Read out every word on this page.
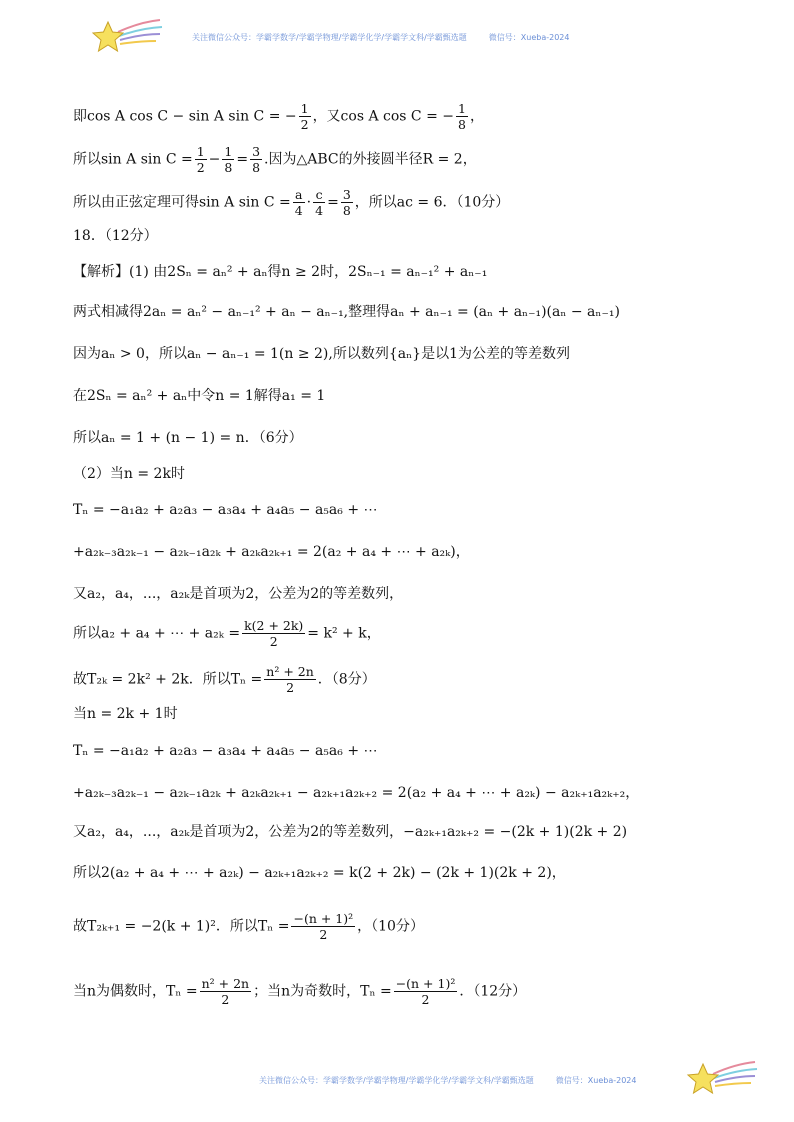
关注微信公众号：学霸学数学/学霸学物理/学霸学化学/学霸学文科/学霸甄选题	微信号：Xueba-2024
即cos A cos C − sin A sin C = − $\frac{1}{2}$ ，又cos A cos C = − $\frac{1}{8}$ ，
所以sin A $\sin C = \frac{1}{2} - \frac{1}{8} = \frac{3}{8}$ .因为△ABC的外接圆半径R = 2，
所以由正弦定理可得sin A $\sin C = \frac{a}{4} \cdot \frac{c}{4} = \frac{3}{8}$ ，所以ac = 6．（10分）
18．（12分）
【解析】(1) 由2Sₙ = aₙ² + aₙ得n ≥ 2时，2Sₙ₋₁ = aₙ₋₁² + aₙ₋₁
两式相减得2aₙ = aₙ² − aₙ₋₁² + aₙ − aₙ₋₁,整理得aₙ + aₙ₋₁ = (aₙ + aₙ₋₁)(aₙ − aₙ₋₁)
因为aₙ > 0，所以aₙ − aₙ₋₁ = 1(n ≥ 2),所以数列{aₙ}是以1为公差的等差数列
在2Sₙ = aₙ² + aₙ中令n = 1解得a₁ = 1
所以aₙ = 1 + (n − 1) = n．（6分）
（2）当n = 2k时
Tₙ = −a₁a₂ + a₂a₃ − a₃a₄ + a₄a₅ − a₅a₆ + ⋯
+a₂ₖ₋₃a₂ₖ₋₁ − a₂ₖ₋₁a₂ₖ + a₂ₖa₂ₖ₊₁ = 2(a₂ + a₄ + ⋯ + a₂ₖ)，
又a₂，a₄，...，a₂ₖ是首项为2，公差为2的等差数列，
所以a₂ + a₄ + ⋯ + $a_{2k} = \frac{k(2 + 2k)}{2} = k^2 + k$，
故T₂ₖ = 2k² + 2k．所以$T_n = \frac{\text{n² + 2n}}{2}$ ．（8分）
当n = 2k + 1时
Tₙ = −a₁a₂ + a₂a₃ − a₃a₄ + a₄a₅ − a₅a₆ + ⋯
+a₂ₖ₋₃a₂ₖ₋₁ − a₂ₖ₋₁a₂ₖ + a₂ₖa₂ₖ₊₁ − a₂ₖ₊₁a₂ₖ₊₂ = 2(a₂ + a₄ + ⋯ + a₂ₖ) − a₂ₖ₊₁a₂ₖ₊₂，
又a₂，a₄，...，a₂ₖ是首项为2，公差为2的等差数列，−a₂ₖ₊₁a₂ₖ₊₂ = −(2k + 1)(2k + 2)
所以2(a₂ + a₄ + ⋯ + a₂ₖ) − a₂ₖ₊₁a₂ₖ₊₂ = k(2 + 2k) − (2k + 1)(2k + 2)，
故T₂ₖ₊₁ = −2(k + 1)²．所以$T_n = \frac{\text{−(n + 1)²}}{2}$ ，（10分）
当n为偶数时，$T_n = \frac{\text{n² + 2n}}{2}$ ；当n为奇数时，$T_n = \frac{\text{−(n + 1)²}}{2}$ ．（12分）
关注微信公众号：学霸学数学/学霸学物理/学霸学化学/学霸学文科/学霸甄选题	微信号：Xueba-2024
